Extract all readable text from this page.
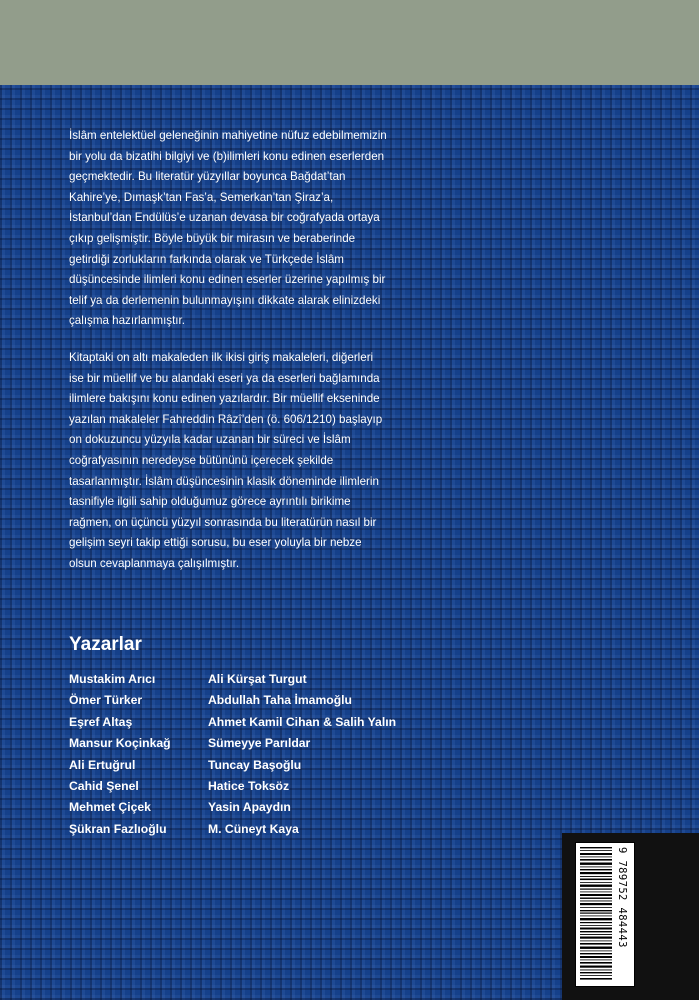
İslâm entelektüel geleneğinin mahiyetine nüfuz edebilmemizin
bir yolu da bizatihi bilgiyi ve (b)ilimleri konu edinen eserlerden
geçmektedir. Bu literatür yüzyıllar boyunca Bağdat’tan
Kahire’ye, Dımaşk’tan Fas’a, Semerkan’tan Şiraz’a,
İstanbul’dan Endülüs’e uzanan devasa bir coğrafyada ortaya
çıkıp gelişmiştir. Böyle büyük bir mirasın ve beraberinde
getirdiği zorlukların farkında olarak ve Türkçede İslâm
düşüncesinde ilimleri konu edinen eserler üzerine yapılmış bir
telif ya da derlemenin bulunmayışını dikkate alarak elinizdeki
çalışma hazırlanmıştır.

Kitaptaki on altı makaleden ilk ikisi giriş makaleleri, diğerleri
ise bir müellif ve bu alandaki eseri ya da eserleri bağlamında
ilimlere bakışını konu edinen yazılardır. Bir müellif ekseninde
yazılan makaleler Fahreddin Râzî’den (ö. 606/1210) başlayıp
on dokuzuncu yüzyıla kadar uzanan bir süreci ve İslâm
coğrafyasının neredeyse bütününü içerecek şekilde
tasarlanmıştır. İslâm düşüncesinin klasik döneminde ilimlerin
tasnifiyle ilgili sahip olduğumuz görece ayrıntılı birikime
rağmen, on üçüncü yüzyıl sonrasında bu literatürün nasıl bir
gelişim seyri takip ettiği sorusu, bu eser yoluyla bir nebze
olsun cevaplanmaya çalışılmıştır.

Yazarlar
Mustakim Arıcı
Ömer Türker
Eşref Altaş
Mansur Koçinkağ
Ali Ertuğrul
Cahid Şenel
Mehmet Çiçek
Şükran Fazlıoğlu
Ali Kürşat Turgut
Abdullah Taha İmamoğlu
Ahmet Kamil Cihan & Salih Yalın
Sümeyye Parıldar
Tuncay Başoğlu
Hatice Toksöz
Yasin Apaydın
M. Cüneyt Kaya
9 789752 484443
